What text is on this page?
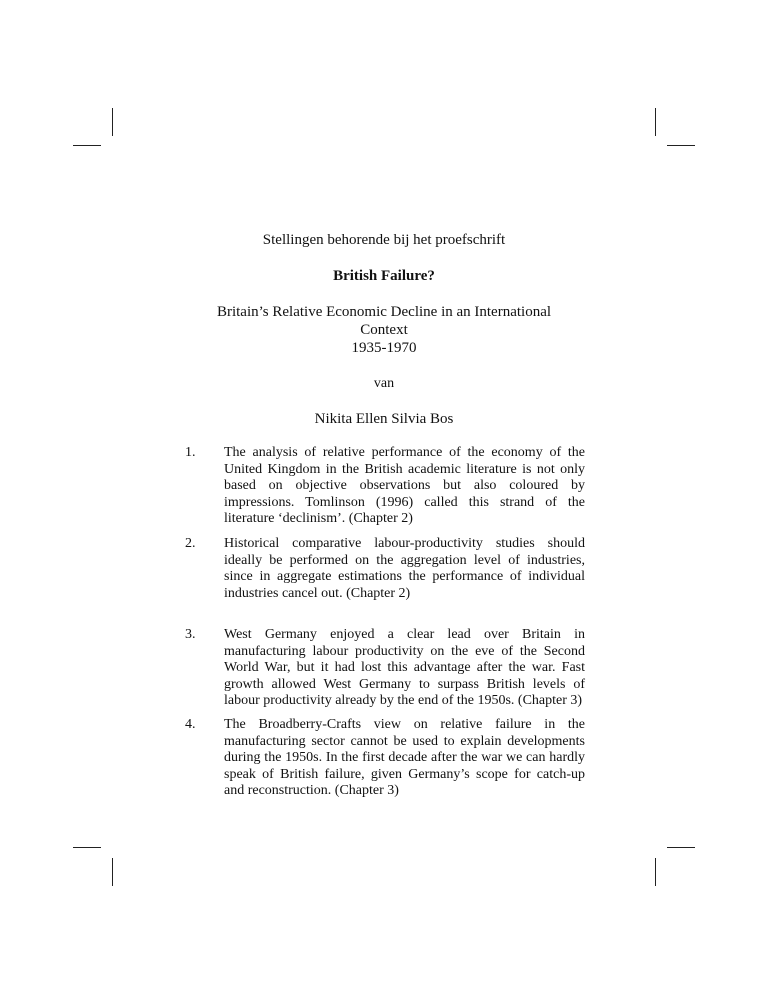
Stellingen behorende bij het proefschrift
British Failure?
Britain’s Relative Economic Decline in an International
Context
1935-1970
van
Nikita Ellen Silvia Bos
1. The analysis of relative performance of the economy of the United Kingdom in the British academic literature is not only based on objective observations but also coloured by impressions. Tomlinson (1996) called this strand of the literature ‘declinism’. (Chapter 2)
2. Historical comparative labour-productivity studies should ideally be performed on the aggregation level of industries, since in aggregate estimations the performance of individual industries cancel out. (Chapter 2)
3. West Germany enjoyed a clear lead over Britain in manufacturing labour productivity on the eve of the Second World War, but it had lost this advantage after the war. Fast growth allowed West Germany to surpass British levels of labour productivity already by the end of the 1950s. (Chapter 3)
4. The Broadberry-Crafts view on relative failure in the manufacturing sector cannot be used to explain developments during the 1950s. In the first decade after the war we can hardly speak of British failure, given Germany’s scope for catch-up and reconstruction. (Chapter 3)
